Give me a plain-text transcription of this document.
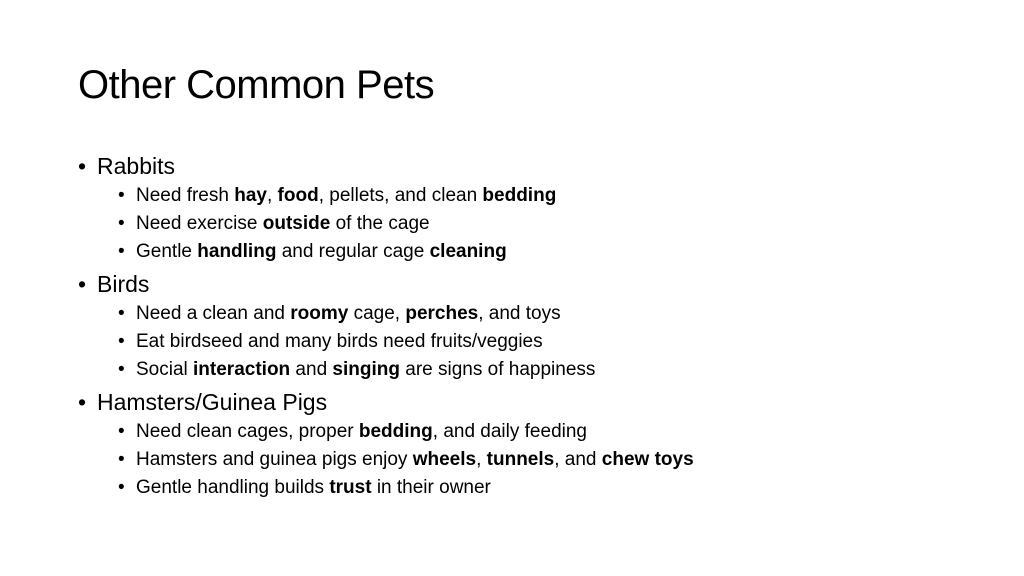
Other Common Pets
• Rabbits
• Need fresh hay, food, pellets, and clean bedding
• Need exercise outside of the cage
• Gentle handling and regular cage cleaning
• Birds
• Need a clean and roomy cage, perches, and toys
• Eat birdseed and many birds need fruits/veggies
• Social interaction and singing are signs of happiness
• Hamsters/Guinea Pigs
• Need clean cages, proper bedding, and daily feeding
• Hamsters and guinea pigs enjoy wheels, tunnels, and chew toys
• Gentle handling builds trust in their owner
